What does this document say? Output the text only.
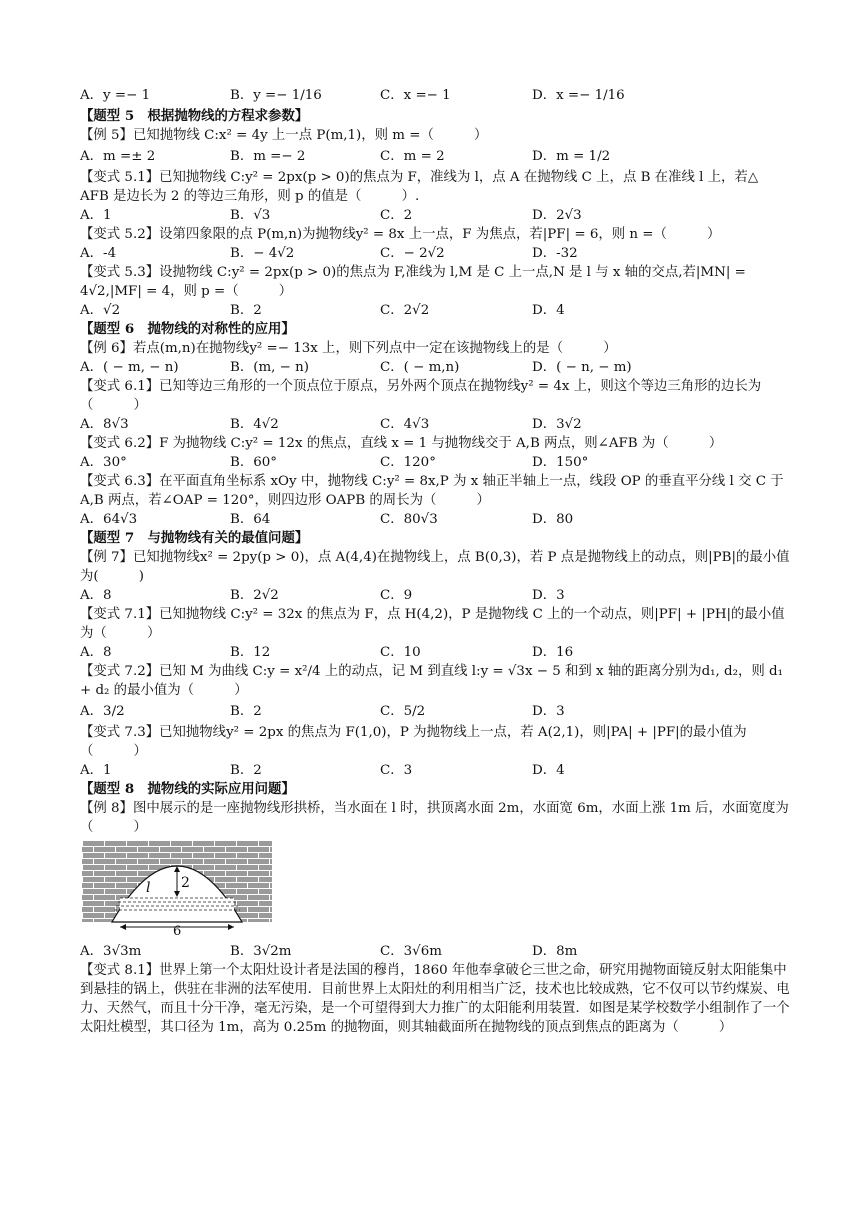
A．y =− 1	B．y =− 1/16	C．x =− 1	D．x =− 1/16
【题型 5　根据抛物线的方程求参数】
【例 5】已知抛物线 C:x² = 4y 上一点 P(m,1)，则 m =（　　　）
A．m =± 2	B．m =− 2	C．m = 2	D．m = 1/2
【变式 5.1】已知抛物线 C:y² = 2px(p > 0)的焦点为 F，准线为 l，点 A 在抛物线 C 上，点 B 在准线 l 上，若△ AFB 是边长为 2 的等边三角形，则 p 的值是（　　　）.
A．1	B．√3	C．2	D．2√3
【变式 5.2】设第四象限的点 P(m,n)为抛物线y² = 8x 上一点，F 为焦点，若|PF| = 6，则 n =（　　　）
A．-4	B．− 4√2	C．− 2√2	D．-32
【变式 5.3】设抛物线 C:y² = 2px(p > 0)的焦点为 F,准线为 l,M 是 C 上一点,N 是 l 与 x 轴的交点,若|MN| = 4√2,|MF| = 4，则 p =（　　　）
A．√2	B．2	C．2√2	D．4
【题型 6　抛物线的对称性的应用】
【例 6】若点(m,n)在抛物线y² =− 13x 上，则下列点中一定在该抛物线上的是（　　　）
A．( − m, − n)	B．(m, − n)	C．( − m,n)	D．( − n, − m)
【变式 6.1】已知等边三角形的一个顶点位于原点，另外两个顶点在抛物线y² = 4x 上，则这个等边三角形的边长为（　　　）
A．8√3	B．4√2	C．4√3	D．3√2
【变式 6.2】F 为抛物线 C:y² = 12x 的焦点，直线 x = 1 与抛物线交于 A,B 两点，则∠AFB 为（　　　）
A．30°	B．60°	C．120°	D．150°
【变式 6.3】在平面直角坐标系 xOy 中，抛物线 C:y² = 8x,P 为 x 轴正半轴上一点，线段 OP 的垂直平分线 l 交 C 于 A,B 两点，若∠OAP = 120°，则四边形 OAPB 的周长为（　　　）
A．64√3	B．64	C．80√3	D．80
【题型 7　与抛物线有关的最值问题】
【例 7】已知抛物线x² = 2py(p > 0)，点 A(4,4)在抛物线上，点 B(0,3)，若 P 点是抛物线上的动点，则|PB|的最小值为(　　　)
A．8	B．2√2	C．9	D．3
【变式 7.1】已知抛物线 C:y² = 32x 的焦点为 F，点 H(4,2)，P 是抛物线 C 上的一个动点，则|PF| + |PH|的最小值为（　　　）
A．8	B．12	C．10	D．16
【变式 7.2】已知 M 为曲线 C:y = x²/4 上的动点，记 M 到直线 l:y = √3x − 5 和到 x 轴的距离分别为d₁, d₂，则 d₁ + d₂ 的最小值为（　　　）
A．3/2	B．2	C．5/2	D．3
【变式 7.3】已知抛物线y² = 2px 的焦点为 F(1,0)，P 为抛物线上一点，若 A(2,1)，则|PA| + |PF|的最小值为（　　　）
A．1	B．2	C．3	D．4
【题型 8　抛物线的实际应用问题】
【例 8】图中展示的是一座抛物线形拱桥，当水面在 l 时，拱顶离水面 2m，水面宽 6m，水面上涨 1m 后，水面宽度为（　　　）
2
l
6
A．3√3m	B．3√2m	C．3√6m	D．8m
【变式 8.1】世界上第一个太阳灶设计者是法国的穆肖，1860 年他奉拿破仑三世之命，研究用抛物面镜反射太阳能集中到悬挂的锅上，供驻在非洲的法军使用．目前世界上太阳灶的利用相当广泛，技术也比较成熟，它不仅可以节约煤炭、电力、天然气，而且十分干净，毫无污染，是一个可望得到大力推广的太阳能利用装置．如图是某学校数学小组制作了一个太阳灶模型，其口径为 1m，高为 0.25m 的抛物面，则其轴截面所在抛物线的顶点到焦点的距离为（　　　）
